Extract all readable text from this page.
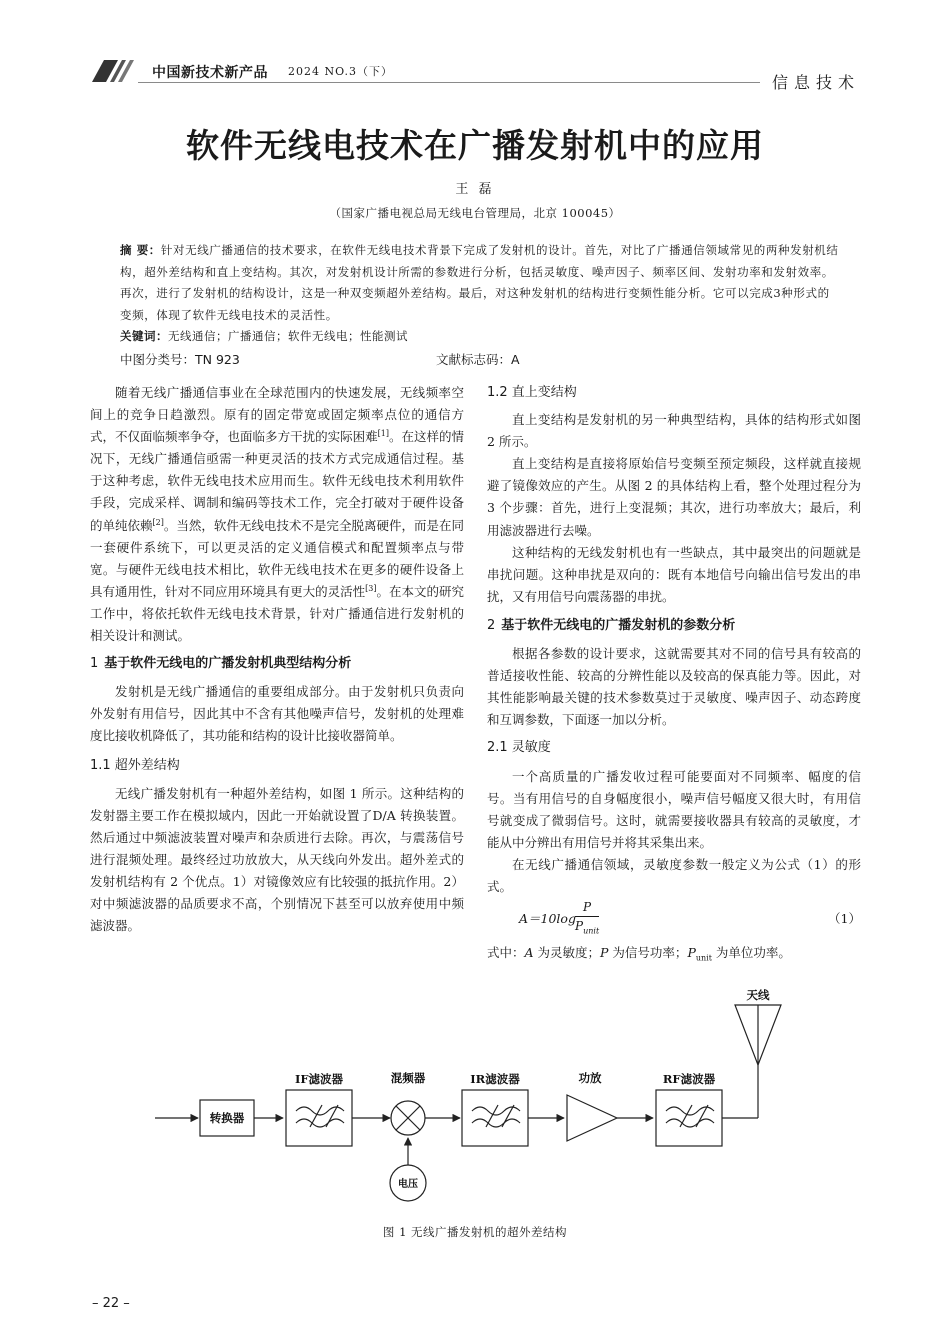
中国新技术新产品 2024 NO.3（下）
信息技术
软件无线电技术在广播发射机中的应用
王 磊
（国家广播电视总局无线电台管理局，北京 100045）
摘 要：针对无线广播通信的技术要求，在软件无线电技术背景下完成了发射机的设计。首先，对比了广播通信领域常见的两种发射机结构，超外差结构和直上变结构。其次，对发射机设计所需的参数进行分析，包括灵敏度、噪声因子、频率区间、发射功率和发射效率。再次，进行了发射机的结构设计，这是一种双变频超外差结构。最后，对这种发射机的结构进行变频性能分析。它可以完成3种形式的变频，体现了软件无线电技术的灵活性。
关键词：无线通信；广播通信；软件无线电；性能测试
中图分类号：TN 923	文献标志码：A

随着无线广播通信事业在全球范围内的快速发展，无线频率空间上的竞争日趋激烈。原有的固定带宽或固定频率点位的通信方式，不仅面临频率争夺，也面临多方干扰的实际困难[1]。在这样的情况下，无线广播通信亟需一种更灵活的技术方式完成通信过程。基于这种考虑，软件无线电技术应用而生。软件无线电技术利用软件手段，完成采样、调制和编码等技术工作，完全打破对于硬件设备的单纯依赖[2]。当然，软件无线电技术不是完全脱离硬件，而是在同一套硬件系统下，可以更灵活的定义通信模式和配置频率点与带宽。与硬件无线电技术相比，软件无线电技术在更多的硬件设备上具有通用性，针对不同应用环境具有更大的灵活性[3]。在本文的研究工作中，将依托软件无线电技术背景，针对广播通信进行发射机的相关设计和测试。

1 基于软件无线电的广播发射机典型结构分析

发射机是无线广播通信的重要组成部分。由于发射机只负责向外发射有用信号，因此其中不含有其他噪声信号，发射机的处理难度比接收机降低了，其功能和结构的设计比接收器简单。

1.1 超外差结构

无线广播发射机有一种超外差结构，如图 1 所示。这种结构的发射器主要工作在模拟域内，因此一开始就设置了D/A 转换装置。然后通过中频滤波装置对噪声和杂质进行去除。再次，与震荡信号进行混频处理。最终经过功放放大，从天线向外发出。超外差式的发射机结构有 2 个优点。1）对镜像效应有比较强的抵抗作用。2）对中频滤波器的品质要求不高，个别情况下甚至可以放弃使用中频滤波器。

1.2 直上变结构

直上变结构是发射机的另一种典型结构，具体的结构形式如图 2 所示。

直上变结构是直接将原始信号变频至预定频段，这样就直接规避了镜像效应的产生。从图 2 的具体结构上看，整个处理过程分为 3 个步骤：首先，进行上变混频；其次，进行功率放大；最后，利用滤波器进行去噪。

这种结构的无线发射机也有一些缺点，其中最突出的问题就是串扰问题。这种串扰是双向的：既有本地信号向输出信号发出的串扰，又有用信号向震荡器的串扰。

2 基于软件无线电的广播发射机的参数分析

根据各参数的设计要求，这就需要其对不同的信号具有较高的普适接收性能、较高的分辨性能以及较高的保真能力等。因此，对其性能影响最关键的技术参数莫过于灵敏度、噪声因子、动态跨度和互调参数，下面逐一加以分析。

2.1 灵敏度

一个高质量的广播发收过程可能要面对不同频率、幅度的信号。当有用信号的自身幅度很小，噪声信号幅度又很大时，有用信号就变成了微弱信号。这时，就需要接收器具有较高的灵敏度，才能从中分辨出有用信号并将其采集出来。

在无线广播通信领域，灵敏度参数一般定义为公式（1）的形式。

A＝10log
P
$P_{unit}$
（1）

式中：A 为灵敏度；P 为信号功率；$P_{unit}$ 为单位功率。

转换器
IF滤波器	混频器	IR滤波器	功放	RF滤波器
天线
电压
图 1 无线广播发射机的超外差结构
– 22 –
